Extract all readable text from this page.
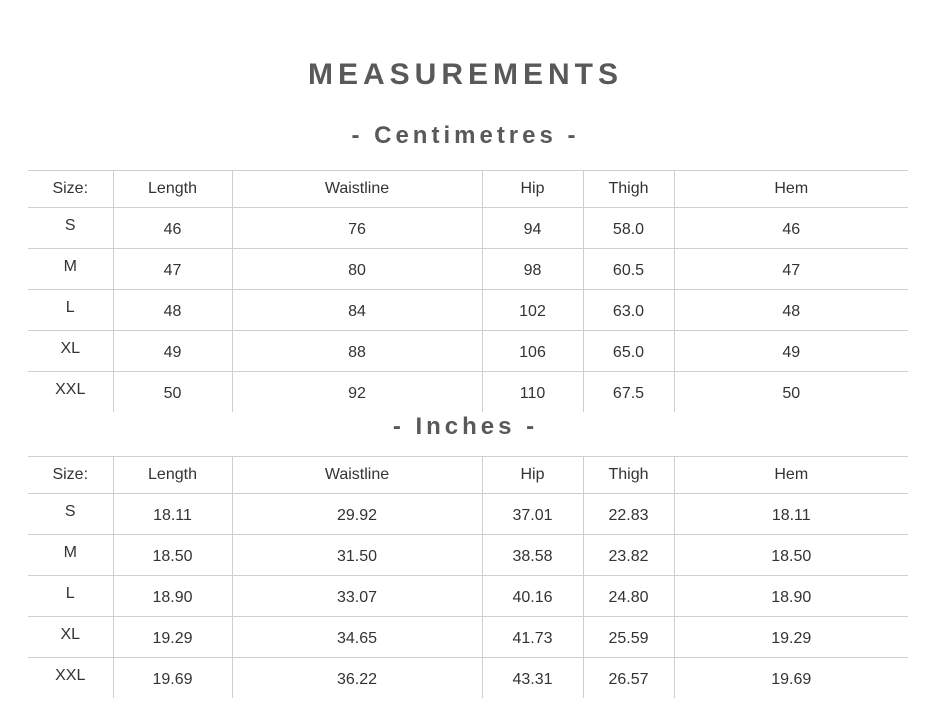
MEASUREMENTS
- Centimetres -
Size:	Length	Waistline	Hip	Thigh	Hem
S	46	76	94	58.0	46
M	47	80	98	60.5	47
L	48	84	102	63.0	48
XL	49	88	106	65.0	49
XXL	50	92	110	67.5	50
- Inches -
Size:	Length	Waistline	Hip	Thigh	Hem
S	18.11	29.92	37.01	22.83	18.11
M	18.50	31.50	38.58	23.82	18.50
L	18.90	33.07	40.16	24.80	18.90
XL	19.29	34.65	41.73	25.59	19.29
XXL	19.69	36.22	43.31	26.57	19.69
